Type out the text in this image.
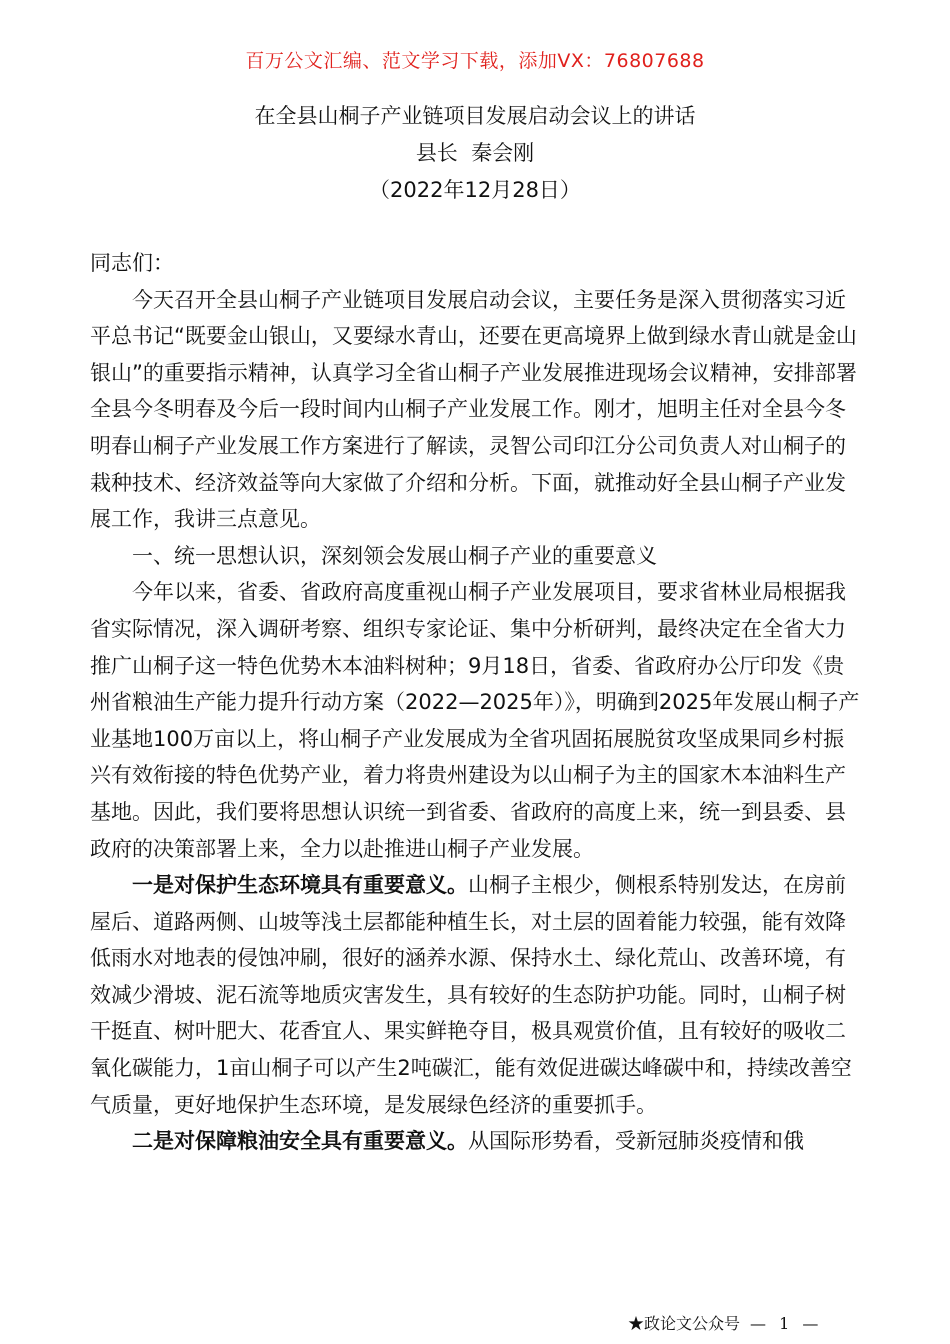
百万公文汇编、范文学习下载，添加VX：76807688
在全县山桐子产业链项目发展启动会议上的讲话
县长  秦会刚
（2022年12月28日）

同志们：

今天召开全县山桐子产业链项目发展启动会议，主要任务是深入贯彻落实习近平总书记“既要金山银山，又要绿水青山，还要在更高境界上做到绿水青山就是金山银山”的重要指示精神，认真学习全省山桐子产业发展推进现场会议精神，安排部署全县今冬明春及今后一段时间内山桐子产业发展工作。刚才，旭明主任对全县今冬明春山桐子产业发展工作方案进行了解读，灵智公司印江分公司负责人对山桐子的栽种技术、经济效益等向大家做了介绍和分析。下面，就推动好全县山桐子产业发展工作，我讲三点意见。

一、统一思想认识，深刻领会发展山桐子产业的重要意义

今年以来，省委、省政府高度重视山桐子产业发展项目，要求省林业局根据我省实际情况，深入调研考察、组织专家论证、集中分析研判，最终决定在全省大力推广山桐子这一特色优势木本油料树种；9月18日，省委、省政府办公厅印发《贵州省粮油生产能力提升行动方案（2022—2025年）》，明确到2025年发展山桐子产业基地100万亩以上，将山桐子产业发展成为全省巩固拓展脱贫攻坚成果同乡村振兴有效衔接的特色优势产业，着力将贵州建设为以山桐子为主的国家木本油料生产基地。因此，我们要将思想认识统一到省委、省政府的高度上来，统一到县委、县政府的决策部署上来，全力以赴推进山桐子产业发展。

一是对保护生态环境具有重要意义。山桐子主根少，侧根系特别发达，在房前屋后、道路两侧、山坡等浅土层都能种植生长，对土层的固着能力较强，能有效降低雨水对地表的侵蚀冲刷，很好的涵养水源、保持水土、绿化荒山、改善环境，有效减少滑坡、泥石流等地质灾害发生，具有较好的生态防护功能。同时，山桐子树干挺直、树叶肥大、花香宜人、果实鲜艳夺目，极具观赏价值，且有较好的吸收二氧化碳能力，1亩山桐子可以产生2吨碳汇，能有效促进碳达峰碳中和，持续改善空气质量，更好地保护生态环境，是发展绿色经济的重要抓手。

二是对保障粮油安全具有重要意义。从国际形势看，受新冠肺炎疫情和俄

★政论文公众号 — 1 —
